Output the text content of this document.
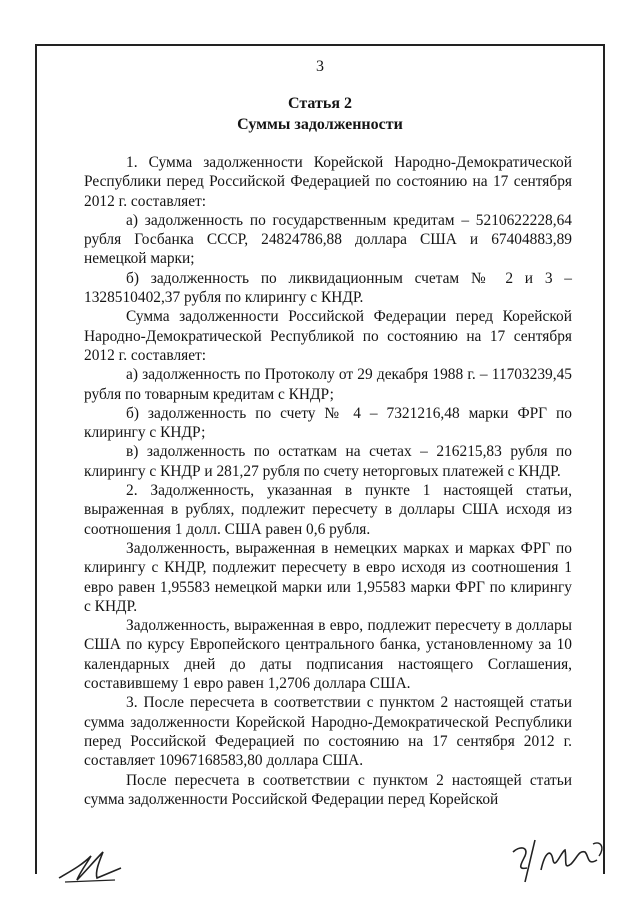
3
Статья 2
Суммы задолженности

1. Сумма задолженности Корейской Народно-Демократической Республики перед Российской Федерацией по состоянию на 17 сентября 2012 г. составляет:

а) задолженность по государственным кредитам – 5210622228,64 рубля Госбанка СССР, 24824786,88 доллара США и 67404883,89 немецкой марки;

б) задолженность по ликвидационным счетам № 2 и 3 – 1328510402,37 рубля по клирингу с КНДР.

Сумма задолженности Российской Федерации перед Корейской Народно-Демократической Республикой по состоянию на 17 сентября 2012 г. составляет:

а) задолженность по Протоколу от 29 декабря 1988 г. – 11703239,45 рубля по товарным кредитам с КНДР;

б) задолженность по счету № 4 – 7321216,48 марки ФРГ по клирингу с КНДР;

в) задолженность по остаткам на счетах – 216215,83 рубля по клирингу с КНДР и 281,27 рубля по счету неторговых платежей с КНДР.

2. Задолженность, указанная в пункте 1 настоящей статьи, выраженная в рублях, подлежит пересчету в доллары США исходя из соотношения 1 долл. США равен 0,6 рубля.

Задолженность, выраженная в немецких марках и марках ФРГ по клирингу с КНДР, подлежит пересчету в евро исходя из соотношения 1 евро равен 1,95583 немецкой марки или 1,95583 марки ФРГ по клирингу с КНДР.

Задолженность, выраженная в евро, подлежит пересчету в доллары США по курсу Европейского центрального банка, установленному за 10 календарных дней до даты подписания настоящего Соглашения, составившему 1 евро равен 1,2706 доллара США.

3. После пересчета в соответствии с пунктом 2 настоящей статьи сумма задолженности Корейской Народно-Демократической Республики перед Российской Федерацией по состоянию на 17 сентября 2012 г. составляет 10967168583,80 доллара США.

После пересчета в соответствии с пунктом 2 настоящей статьи сумма задолженности Российской Федерации перед Корейской
